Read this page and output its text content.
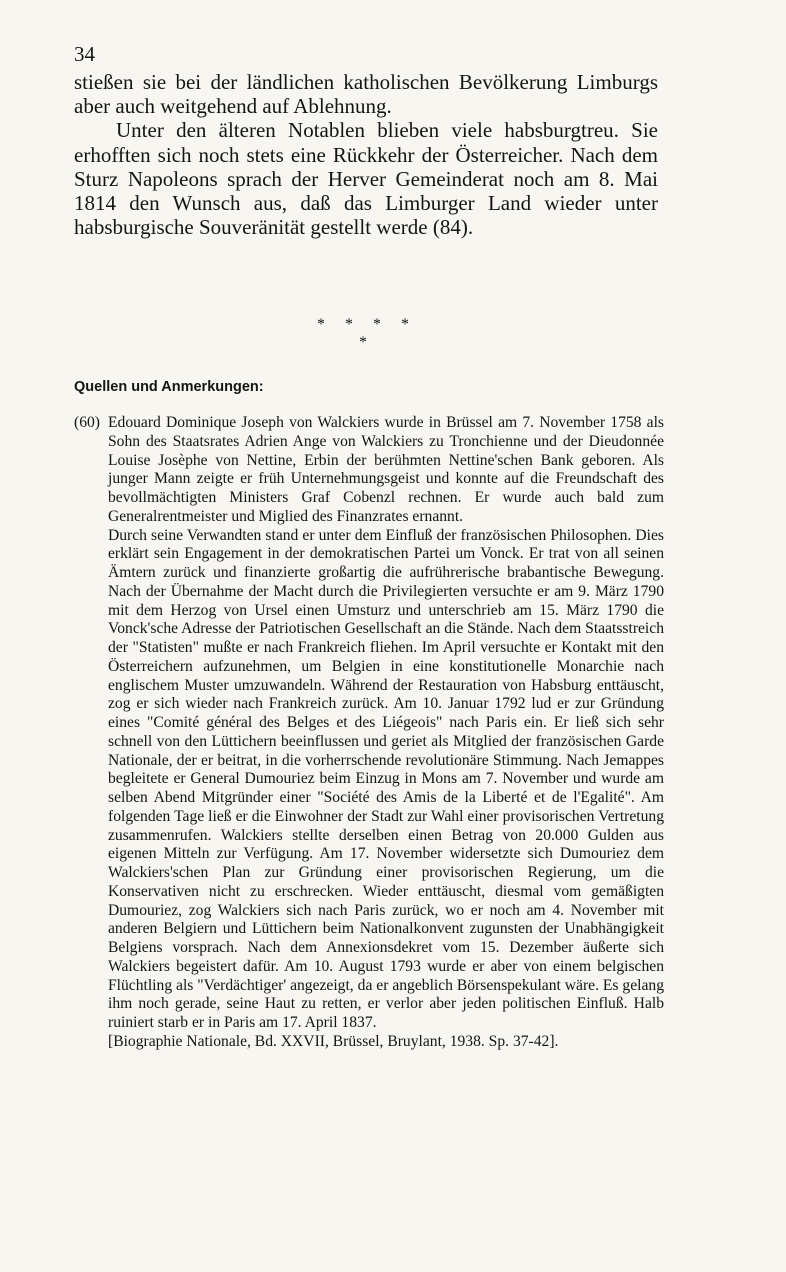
34

stießen sie bei der ländlichen katholischen Bevölkerung Limburgs aber auch weitgehend auf Ablehnung.

Unter den älteren Notablen blieben viele habsburgtreu. Sie erhofften sich noch stets eine Rückkehr der Österreicher. Nach dem Sturz Napoleons sprach der Herver Gemeinderat noch am 8. Mai 1814 den Wunsch aus, daß das Limburger Land wieder unter habsburgische Souveränität gestellt werde (84).

* * * * *
Quellen und Anmerkungen:
(60) Edouard Dominique Joseph von Walckiers wurde in Brüssel am 7. November 1758 als Sohn des Staatsrates Adrien Ange von Walckiers zu Tronchienne und der Dieudonnée Louise Josèphe von Nettine, Erbin der berühmten Nettine'schen Bank geboren. Als junger Mann zeigte er früh Unternehmungsgeist und konnte auf die Freundschaft des bevollmächtigten Ministers Graf Cobenzl rechnen. Er wurde auch bald zum Generalrentmeister und Miglied des Finanzrates ernannt.

Durch seine Verwandten stand er unter dem Einfluß der französischen Philosophen. Dies erklärt sein Engagement in der demokratischen Partei um Vonck. Er trat von all seinen Ämtern zurück und finanzierte großartig die aufrührerische brabantische Bewegung. Nach der Übernahme der Macht durch die Privilegierten versuchte er am 9. März 1790 mit dem Herzog von Ursel einen Umsturz und unterschrieb am 15. März 1790 die Vonck'sche Adresse der Patriotischen Gesellschaft an die Stände. Nach dem Staatsstreich der "Statisten" mußte er nach Frankreich fliehen. Im April versuchte er Kontakt mit den Österreichern aufzunehmen, um Belgien in eine konstitutionelle Monarchie nach englischem Muster umzuwandeln. Während der Restauration von Habsburg enttäuscht, zog er sich wieder nach Frankreich zurück. Am 10. Januar 1792 lud er zur Gründung eines "Comité général des Belges et des Liégeois" nach Paris ein. Er ließ sich sehr schnell von den Lüttichern beeinflussen und geriet als Mitglied der französischen Garde Nationale, der er beitrat, in die vorherrschende revolutionäre Stimmung. Nach Jemappes begleitete er General Dumouriez beim Einzug in Mons am 7. November und wurde am selben Abend Mitgründer einer "Société des Amis de la Liberté et de l'Egalité". Am folgenden Tage ließ er die Einwohner der Stadt zur Wahl einer provisorischen Vertretung zusammenrufen. Walckiers stellte derselben einen Betrag von 20.000 Gulden aus eigenen Mitteln zur Verfügung. Am 17. November widersetzte sich Dumouriez dem Walckiers'schen Plan zur Gründung einer provisorischen Regierung, um die Konservativen nicht zu erschrecken. Wieder enttäuscht, diesmal vom gemäßigten Dumouriez, zog Walckiers sich nach Paris zurück, wo er noch am 4. November mit anderen Belgiern und Lüttichern beim Nationalkonvent zugunsten der Unabhängigkeit Belgiens vorsprach. Nach dem Annexionsdekret vom 15. Dezember äußerte sich Walckiers begeistert dafür. Am 10. August 1793 wurde er aber von einem belgischen Flüchtling als "Verdächtiger' angezeigt, da er angeblich Börsenspekulant wäre. Es gelang ihm noch gerade, seine Haut zu retten, er verlor aber jeden politischen Einfluß. Halb ruiniert starb er in Paris am 17. April 1837.

[Biographie Nationale, Bd. XXVII, Brüssel, Bruylant, 1938. Sp. 37-42].
